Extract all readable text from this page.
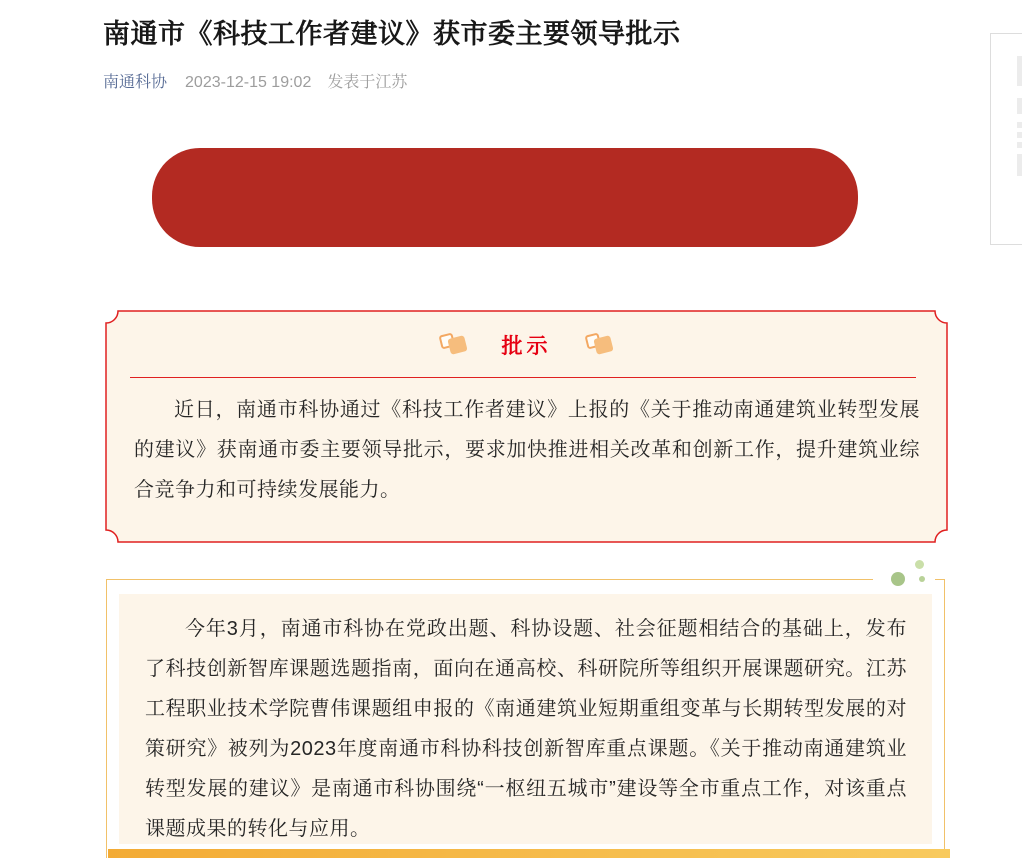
南通市《科技工作者建议》获市委主要领导批示
南通科协 2023-12-15 19:02 发表于江苏
批示

近日，南通市科协通过《科技工作者建议》上报的《关于推动南通建筑业转型发展的建议》获南通市委主要领导批示，要求加快推进相关改革和创新工作，提升建筑业综合竞争力和可持续发展能力。

今年3月，南通市科协在党政出题、科协设题、社会征题相结合的基础上，发布了科技创新智库课题选题指南，面向在通高校、科研院所等组织开展课题研究。江苏工程职业技术学院曹伟课题组申报的《南通建筑业短期重组变革与长期转型发展的对策研究》被列为2023年度南通市科协科技创新智库重点课题。《关于推动南通建筑业转型发展的建议》是南通市科协围绕“一枢纽五城市”建设等全市重点工作，对该重点课题成果的转化与应用。
